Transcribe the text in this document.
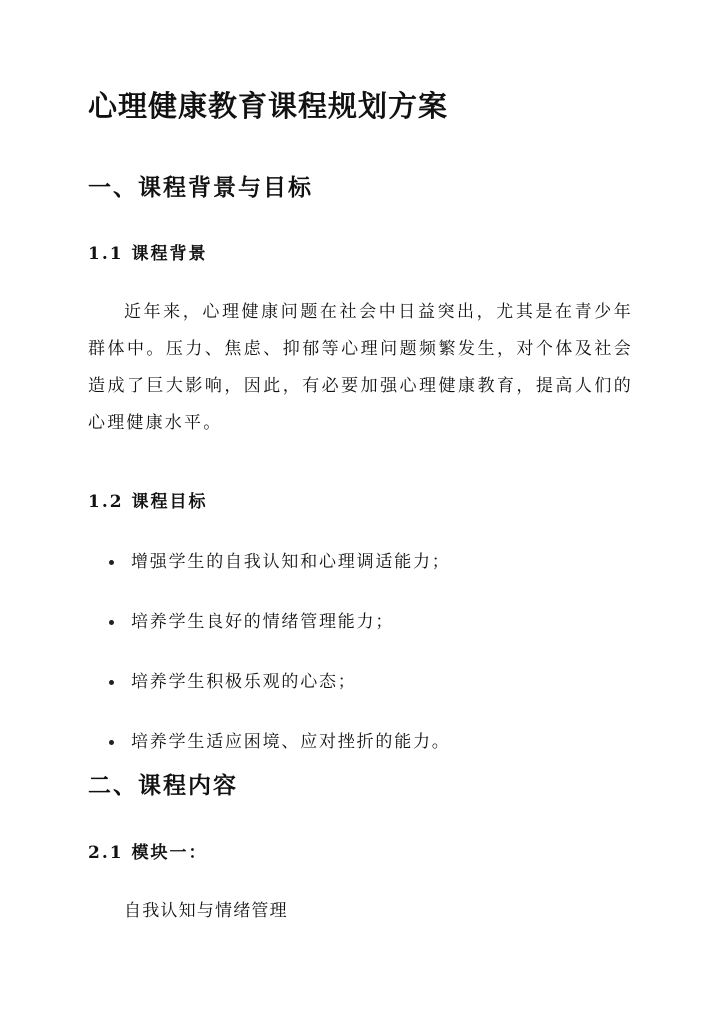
心理健康教育课程规划方案
一、课程背景与目标
1.1 课程背景

近年来，心理健康问题在社会中日益突出，尤其是在青少年群体中。压力、焦虑、抑郁等心理问题频繁发生，对个体及社会造成了巨大影响，因此，有必要加强心理健康教育，提高人们的心理健康水平。

1.2 课程目标
增强学生的自我认知和心理调适能力；
培养学生良好的情绪管理能力；
培养学生积极乐观的心态；
培养学生适应困境、应对挫折的能力。
二、课程内容
2.1 模块一：
自我认知与情绪管理
